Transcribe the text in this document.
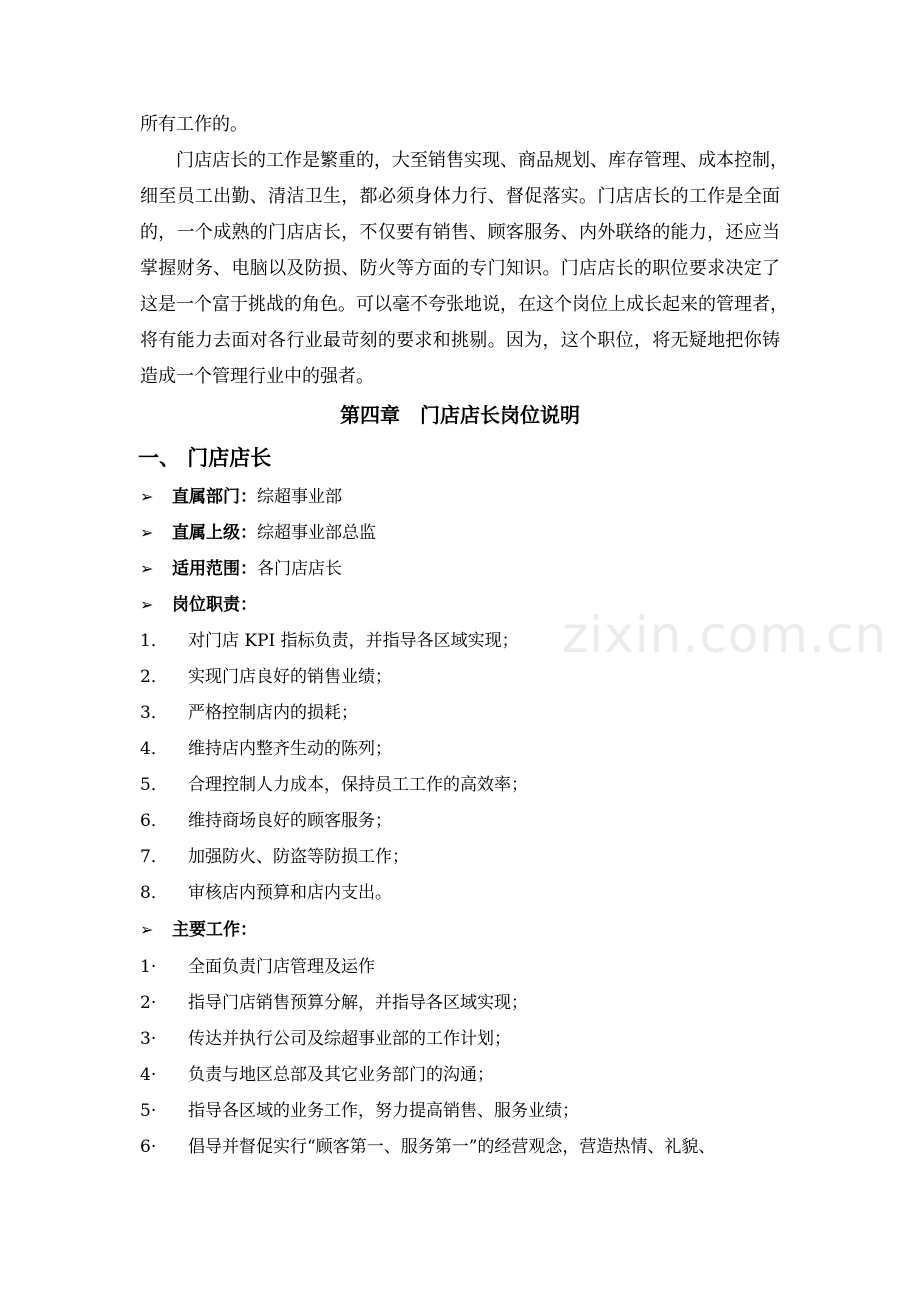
zixin.com.cn
所有工作的。
门店店长的工作是繁重的，大至销售实现、商品规划、库存管理、成本控制，
细至员工出勤、清洁卫生，都必须身体力行、督促落实。门店店长的工作是全面
的，一个成熟的门店店长，不仅要有销售、顾客服务、内外联络的能力，还应当
掌握财务、电脑以及防损、防火等方面的专门知识。门店店长的职位要求决定了
这是一个富于挑战的角色。可以毫不夸张地说，在这个岗位上成长起来的管理者，
将有能力去面对各行业最苛刻的要求和挑剔。因为，这个职位，将无疑地把你铸
造成一个管理行业中的强者。
第四章　门店店长岗位说明
一、 门店店长
➢ 直属部门：综超事业部
➢ 直属上级：综超事业部总监
➢ 适用范围：各门店店长
➢ 岗位职责：
1． 对门店 KPI 指标负责，并指导各区域实现；
2． 实现门店良好的销售业绩；
3． 严格控制店内的损耗；
4． 维持店内整齐生动的陈列；
5． 合理控制人力成本，保持员工工作的高效率；
6． 维持商场良好的顾客服务；
7． 加强防火、防盗等防损工作；
8． 审核店内预算和店内支出。
➢ 主要工作：
1· 全面负责门店管理及运作
2· 指导门店销售预算分解，并指导各区域实现；
3· 传达并执行公司及综超事业部的工作计划；
4· 负责与地区总部及其它业务部门的沟通；
5· 指导各区域的业务工作，努力提高销售、服务业绩；
6· 倡导并督促实行“顾客第一、服务第一”的经营观念，营造热情、礼貌、
